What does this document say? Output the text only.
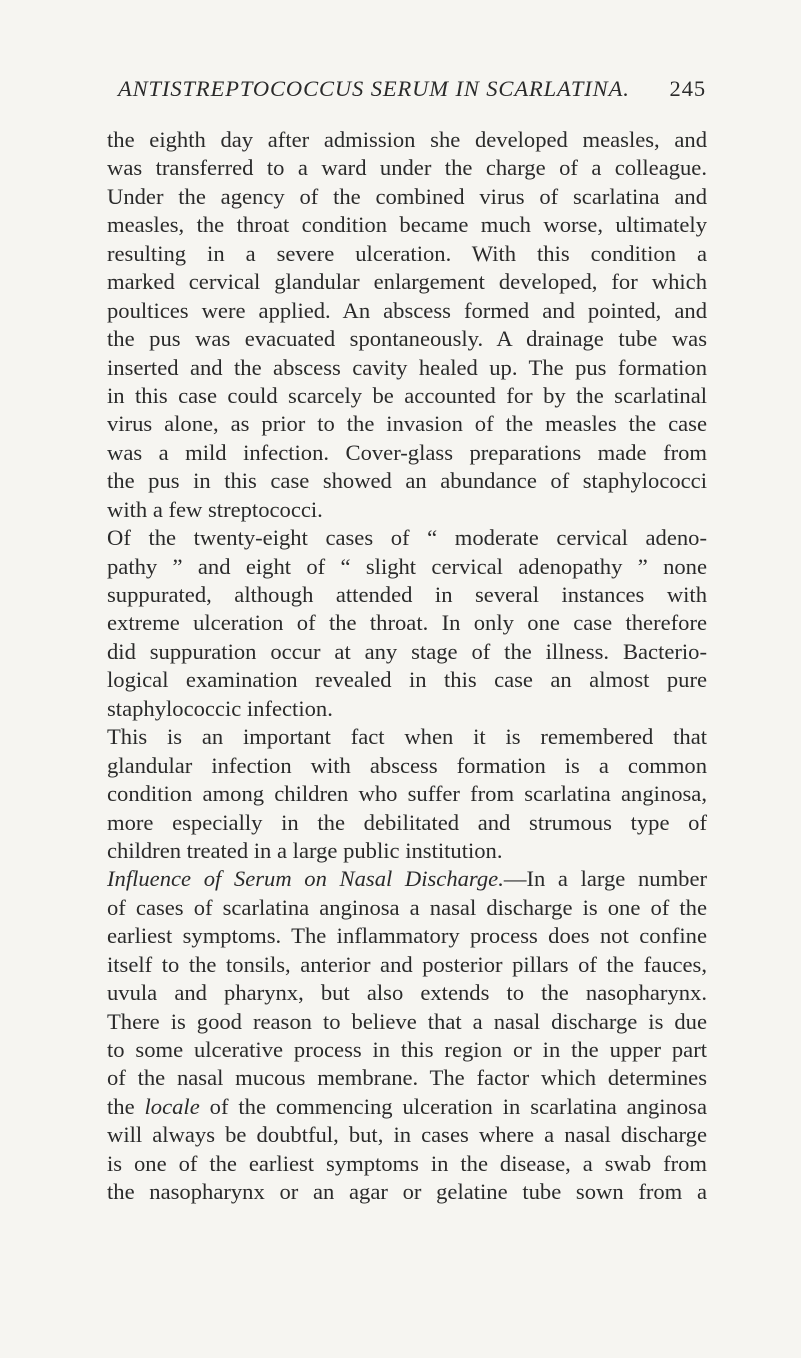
ANTISTREPTOCOCCUS SERUM IN SCARLATINA. 245
the eighth day after admission she developed measles, and
was transferred to a ward under the charge of a colleague.
Under the agency of the combined virus of scarlatina and
measles, the throat condition became much worse, ultimately
resulting in a severe ulceration. With this condition a
marked cervical glandular enlargement developed, for which
poultices were applied. An abscess formed and pointed, and
the pus was evacuated spontaneously. A drainage tube was
inserted and the abscess cavity healed up. The pus formation
in this case could scarcely be accounted for by the scarlatinal
virus alone, as prior to the invasion of the measles the case
was a mild infection. Cover-glass preparations made from
the pus in this case showed an abundance of staphylococci
with a few streptococci.
Of the twenty-eight cases of “ moderate cervical adeno-
pathy ” and eight of “ slight cervical adenopathy ” none
suppurated, although attended in several instances with
extreme ulceration of the throat. In only one case therefore
did suppuration occur at any stage of the illness. Bacterio-
logical examination revealed in this case an almost pure
staphylococcic infection.
This is an important fact when it is remembered that
glandular infection with abscess formation is a common
condition among children who suffer from scarlatina anginosa,
more especially in the debilitated and strumous type of
children treated in a large public institution.
Influence of Serum on Nasal Discharge.—In a large number
of cases of scarlatina anginosa a nasal discharge is one of the
earliest symptoms. The inflammatory process does not confine
itself to the tonsils, anterior and posterior pillars of the fauces,
uvula and pharynx, but also extends to the nasopharynx.
There is good reason to believe that a nasal discharge is due
to some ulcerative process in this region or in the upper part
of the nasal mucous membrane. The factor which determines
the locale of the commencing ulceration in scarlatina anginosa
will always be doubtful, but, in cases where a nasal discharge
is one of the earliest symptoms in the disease, a swab from
the nasopharynx or an agar or gelatine tube sown from a
